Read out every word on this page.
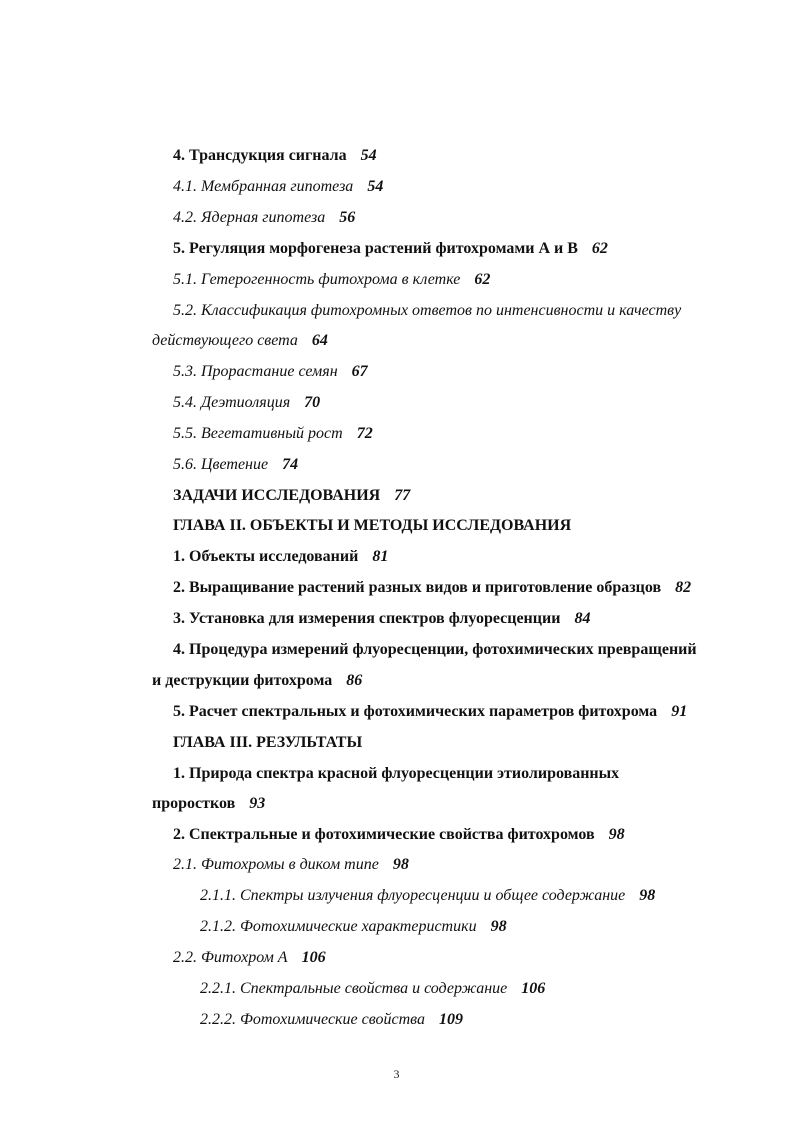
4. Трансдукция сигнала 54
4.1. Мембранная гипотеза 54
4.2. Ядерная гипотеза 56
5. Регуляция морфогенеза растений фитохромами А и В 62
5.1. Гетерогенность фитохрома в клетке 62
5.2. Классификация фитохромных ответов по интенсивности и качеству
действующего света 64
5.3. Прорастание семян 67
5.4. Деэтиоляция 70
5.5. Вегетативный рост 72
5.6. Цветение 74
ЗАДАЧИ ИССЛЕДОВАНИЯ 77
ГЛАВА II. ОБЪЕКТЫ И МЕТОДЫ ИССЛЕДОВАНИЯ
1. Объекты исследований 81
2. Выращивание растений разных видов и приготовление образцов 82
3. Установка для измерения спектров флуоресценции 84
4. Процедура измерений флуоресценции, фотохимических превращений
и деструкции фитохрома 86
5. Расчет спектральных и фотохимических параметров фитохрома 91
ГЛАВА III. РЕЗУЛЬТАТЫ
1. Природа спектра красной флуоресценции этиолированных
проростков 93
2. Спектральные и фотохимические свойства фитохромов 98
2.1. Фитохромы в диком типе 98
2.1.1. Спектры излучения флуоресценции и общее содержание 98
2.1.2. Фотохимические характеристики 98
2.2. Фитохром А 106
2.2.1. Спектральные свойства и содержание 106
2.2.2. Фотохимические свойства 109
3
